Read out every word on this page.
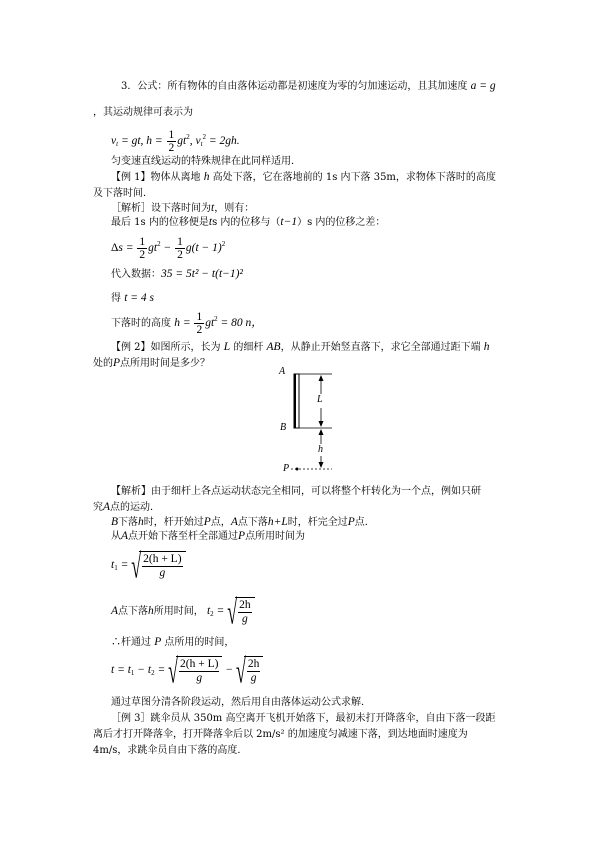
3．公式：所有物体的自由落体运动都是初速度为零的匀加速运动，且其加速度 a = g
，其运动规律可表示为
$v_t$ = gt, $h = \frac{1}{2} gt^2$, $v_t^2 = 2gh$.
匀变速直线运动的特殊规律在此同样适用．
【例 1】物体从离地 h 高处下落，它在落地前的 1s 内下落 35m，求物体下落时的高度
及下落时间．
［解析］设下落时间为t，则有：
最后 1s 内的位移便是ts 内的位移与（t−1）s 内的位移之差：
$\Delta s = \frac{1}{2} gt^2 - \frac{1}{2} g(t - 1)^2$
代入数据：35 = 5t² − t(t−1)²
得 t = 4 s
下落时的高度 $h = \frac{1}{2} gt^2 = 80$ n，
【例 2】如图所示，长为 L 的细杆 AB，从静止开始竖直落下，求它全部通过距下端 h
处的P点所用时间是多少？
A
B
P
L
h
【解析】由于细杆上各点运动状态完全相同，可以将整个杆转化为一个点，例如只研
究A点的运动．
B下落h时，杆开始过P点，A点下落h+L时，杆完全过P点．
从A点开始下落至杆全部通过P点所用时间为
$t_1$ = √
$\frac{2(h + L)}{g}$
A点下落h所用时间， $t_2$ = √
$\frac{2h}{g}$
∴杆通过 P 点所用的时间，
$t = t_1 - t_2$ = √
$\frac{2(h + L)}{g}$ − √
$\frac{2h}{g}$
通过草图分清各阶段运动，然后用自由落体运动公式求解．
［例 3］跳伞员从 350m 高空离开飞机开始落下，最初未打开降落伞，自由下落一段距
离后才打开降落伞，打开降落伞后以 2m/s² 的加速度匀减速下落，到达地面时速度为
4m/s，求跳伞员自由下落的高度．
